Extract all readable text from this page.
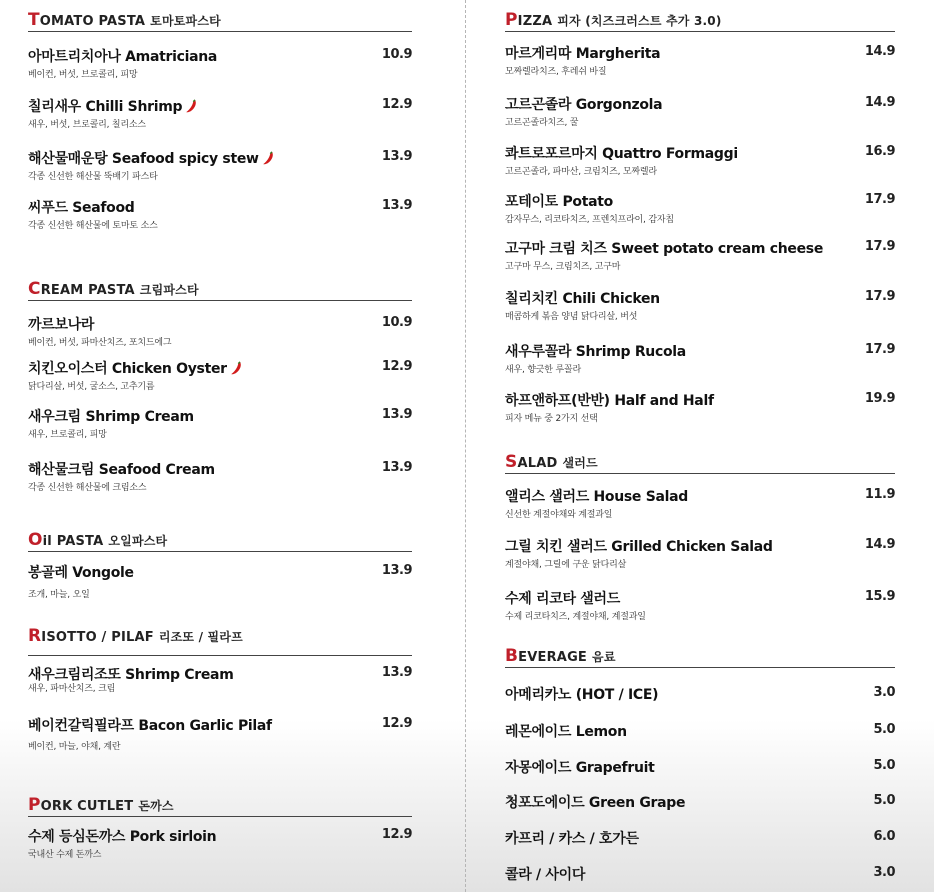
TOMATO PASTA 토마토파스타
아마트리치아나 Amatriciana
베이컨, 버섯, 브로콜리, 피망
10.9
칠리새우 Chilli Shrimp
새우, 버섯, 브로콜리, 칠리소스
12.9
해산물매운탕 Seafood spicy stew
각종 신선한 해산물 뚝배기 파스타
13.9
씨푸드 Seafood
각종 신선한 해산물에 토마토 소스
13.9
CREAM PASTA 크림파스타
까르보나라
베이컨, 버섯, 파마산치즈, 포치드에그
10.9
치킨오이스터 Chicken Oyster
닭다리살, 버섯, 굴소스, 고추기름
12.9
새우크림 Shrimp Cream
새우, 브로콜리, 피망
13.9
해산물크림 Seafood Cream
각종 신선한 해산물에 크림소스
13.9
Oil PASTA 오일파스타
봉골레 Vongole
조개, 마늘, 오일
13.9
RISOTTO / PILAF 리조또 / 필라프
새우크림리조또 Shrimp Cream
새우, 파마산치즈, 크림
13.9
베이컨갈릭필라프 Bacon Garlic Pilaf
베이컨, 마늘, 야채, 계란
12.9
PORK CUTLET 돈까스
수제 등심돈까스 Pork sirloin
국내산 수제 돈까스
12.9
PIZZA 피자 (치즈크러스트 추가 3.0)
마르게리따 Margherita
모짜렐라치즈, 후레쉬 바질
14.9
고르곤졸라 Gorgonzola
고르곤졸라치즈, 꿀
14.9
콰트로포르마지 Quattro Formaggi
고르곤졸라, 파마산, 크림치즈, 모짜렐라
16.9
포테이토 Potato
감자무스, 리코타치즈, 프렌치프라이, 감자칩
17.9
고구마 크림 치즈 Sweet potato cream cheese
고구마 무스, 크림치즈, 고구마
17.9
칠리치킨 Chili Chicken
매콤하게 볶음 양념 닭다리살, 버섯
17.9
새우루꼴라 Shrimp Rucola
새우, 향긋한 루꼴라
17.9
하프앤하프(반반) Half and Half
피자 메뉴 중 2가지 선택
19.9
SALAD 샐러드
앨리스 샐러드 House Salad
신선한 계절야채와 계절과일
11.9
그릴 치킨 샐러드 Grilled Chicken Salad
계절야채, 그릴에 구운 닭다리살
14.9
수제 리코타 샐러드
수제 리코타치즈, 계절야채, 계절과일
15.9
BEVERAGE 음료
아메리카노 (HOT / ICE)	3.0
레몬에이드 Lemon	5.0
자몽에이드 Grapefruit	5.0
청포도에이드 Green Grape	5.0
카프리 / 카스 / 호가든	6.0
콜라 / 사이다	3.0
